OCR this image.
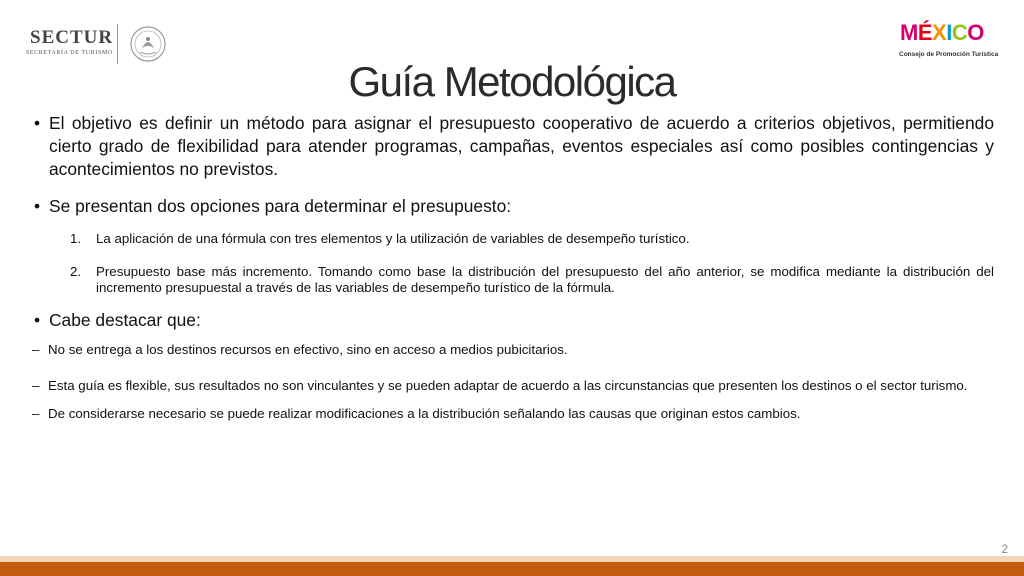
SECTUR
SECRETARÍA DE TURISMO
MÉXICO
Consejo de Promoción Turística
Guía Metodológica

• El objetivo es definir un método para asignar el presupuesto cooperativo de acuerdo a criterios objetivos, permitiendo cierto grado de flexibilidad para atender programas, campañas, eventos especiales así como posibles contingencias y acontecimientos no previstos.

• Se presentan dos opciones para determinar el presupuesto:

1. La aplicación de una fórmula con tres elementos y la utilización de variables de desempeño turístico.
2. Presupuesto base más incremento. Tomando como base la distribución del presupuesto del año anterior, se modifica mediante la distribución del incremento presupuestal a través de las variables de desempeño turístico de la fórmula.

• Cabe destacar que:

– No se entrega a los destinos recursos en efectivo, sino en acceso a medios pubicitarios.
– Esta guía es flexible, sus resultados no son vinculantes y se pueden adaptar de acuerdo a las circunstancias que presenten los destinos o el sector turismo.
– De considerarse necesario se puede realizar modificaciones a la distribución señalando las causas que originan estos cambios.
2
